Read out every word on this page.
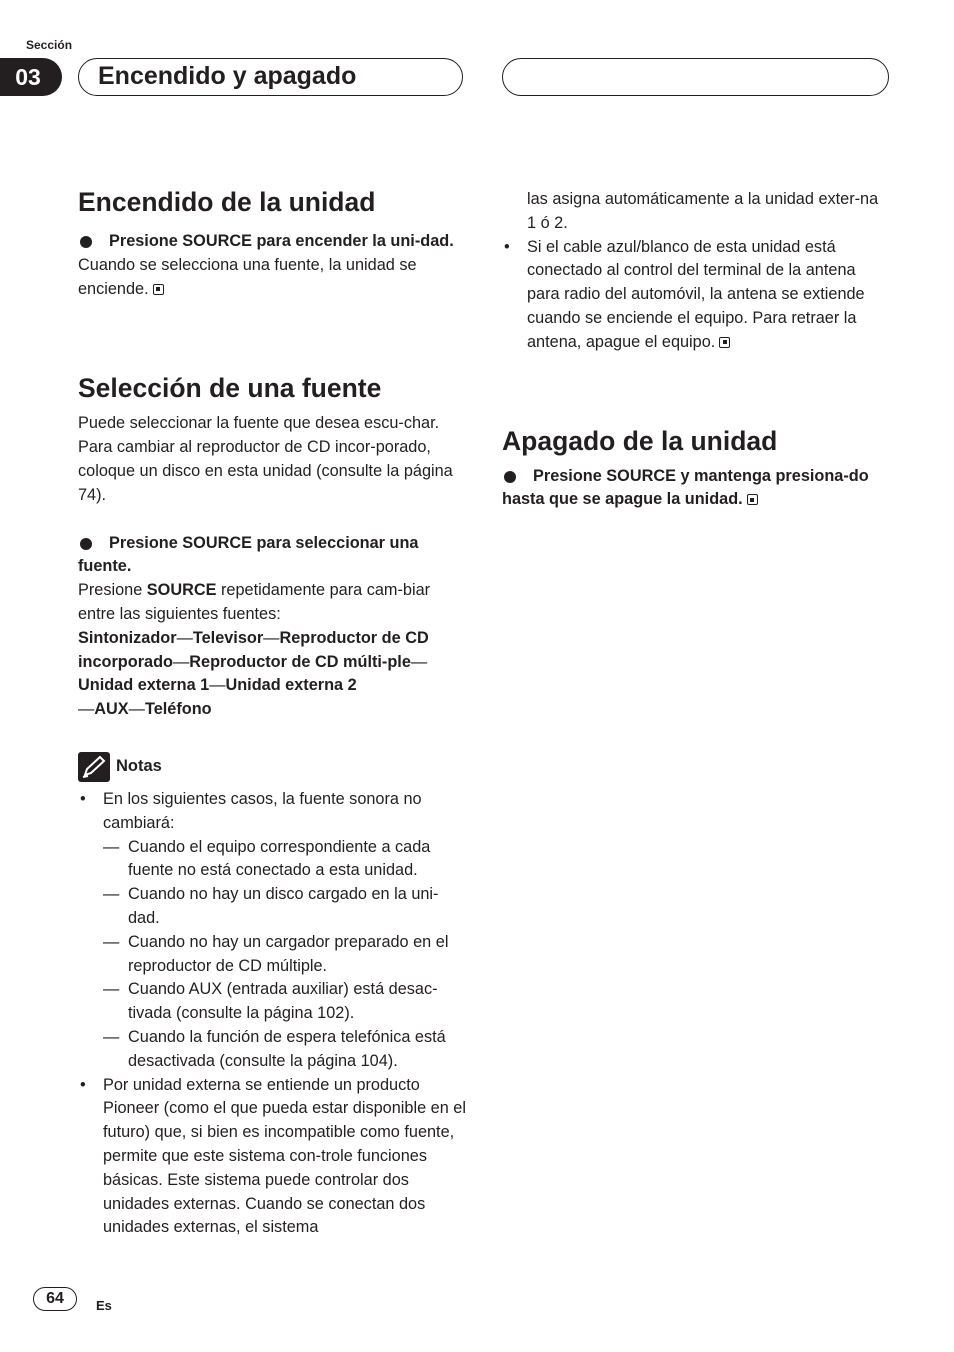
Sección
03	Encendido y apagado
Encendido de la unidad

Presione SOURCE para encender la uni-dad.

Cuando se selecciona una fuente, la unidad se enciende.

Selección de una fuente

Puede seleccionar la fuente que desea escu-char. Para cambiar al reproductor de CD incor-porado, coloque un disco en esta unidad (consulte la página 74).

Presione SOURCE para seleccionar una fuente.

Presione SOURCE repetidamente para cam-biar entre las siguientes fuentes:

Sintonizador—Televisor—Reproductor de CD incorporado—Reproductor de CD múlti-ple—Unidad externa 1—Unidad externa 2
—AUX—Teléfono

Notas
• En los siguientes casos, la fuente sonora no cambiará:
— Cuando el equipo correspondiente a cada fuente no está conectado a esta unidad.
— Cuando no hay un disco cargado en la uni-dad.
— Cuando no hay un cargador preparado en el reproductor de CD múltiple.
— Cuando AUX (entrada auxiliar) está desac-tivada (consulte la página 102).
— Cuando la función de espera telefónica está desactivada (consulte la página 104).
• Por unidad externa se entiende un producto Pioneer (como el que pueda estar disponible en el futuro) que, si bien es incompatible como fuente, permite que este sistema con-trole funciones básicas. Este sistema puede controlar dos unidades externas. Cuando se conectan dos unidades externas, el sistema
las asigna automáticamente a la unidad exter-na 1 ó 2.
• Si el cable azul/blanco de esta unidad está conectado al control del terminal de la antena para radio del automóvil, la antena se extiende cuando se enciende el equipo. Para retraer la antena, apague el equipo.
Apagado de la unidad

Presione SOURCE y mantenga presiona-do hasta que se apague la unidad.

64	Es
